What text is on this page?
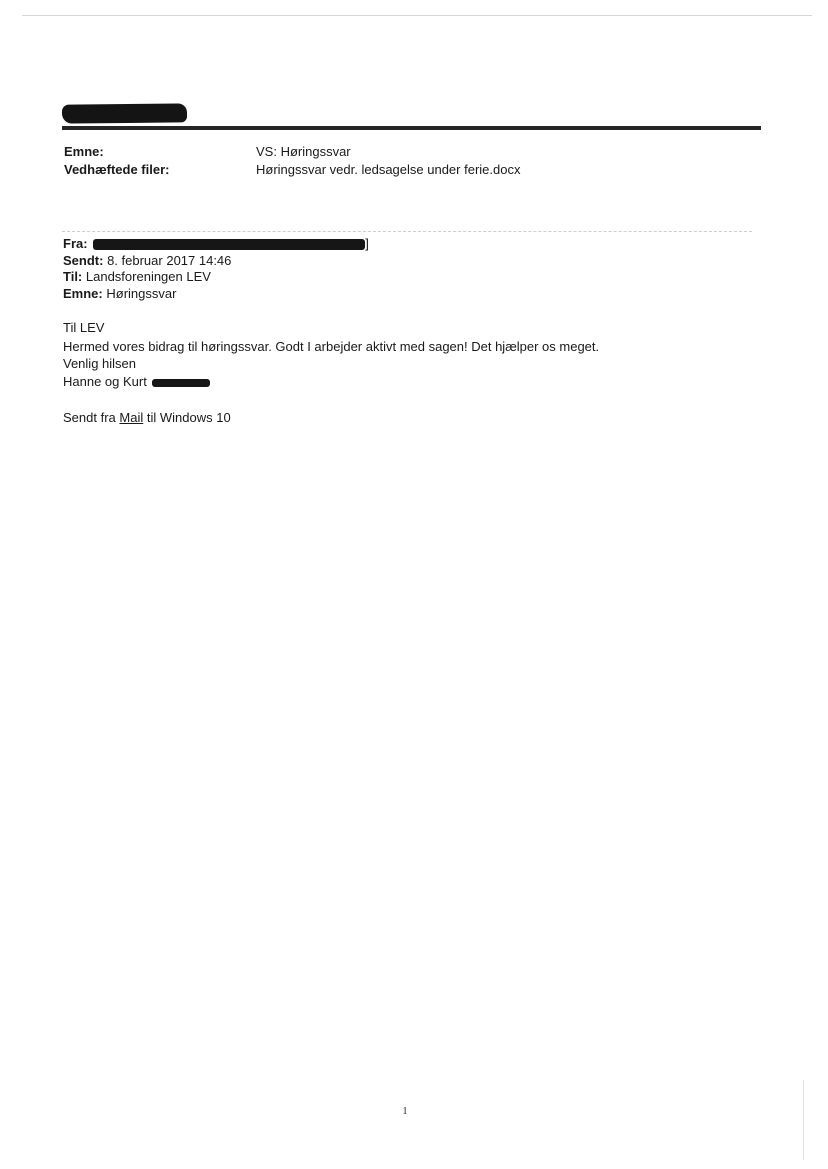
Emne:	VS: Høringssvar
Vedhæftede filer:	Høringssvar vedr. ledsagelse under ferie.docx
Fra:	]
Sendt: 8. februar 2017 14:46
Til: Landsforeningen LEV
Emne: Høringssvar
Til LEV
Hermed vores bidrag til høringssvar. Godt I arbejder aktivt med sagen! Det hjælper os meget.
Venlig hilsen
Hanne og Kurt
Sendt fra Mail til Windows 10
1
